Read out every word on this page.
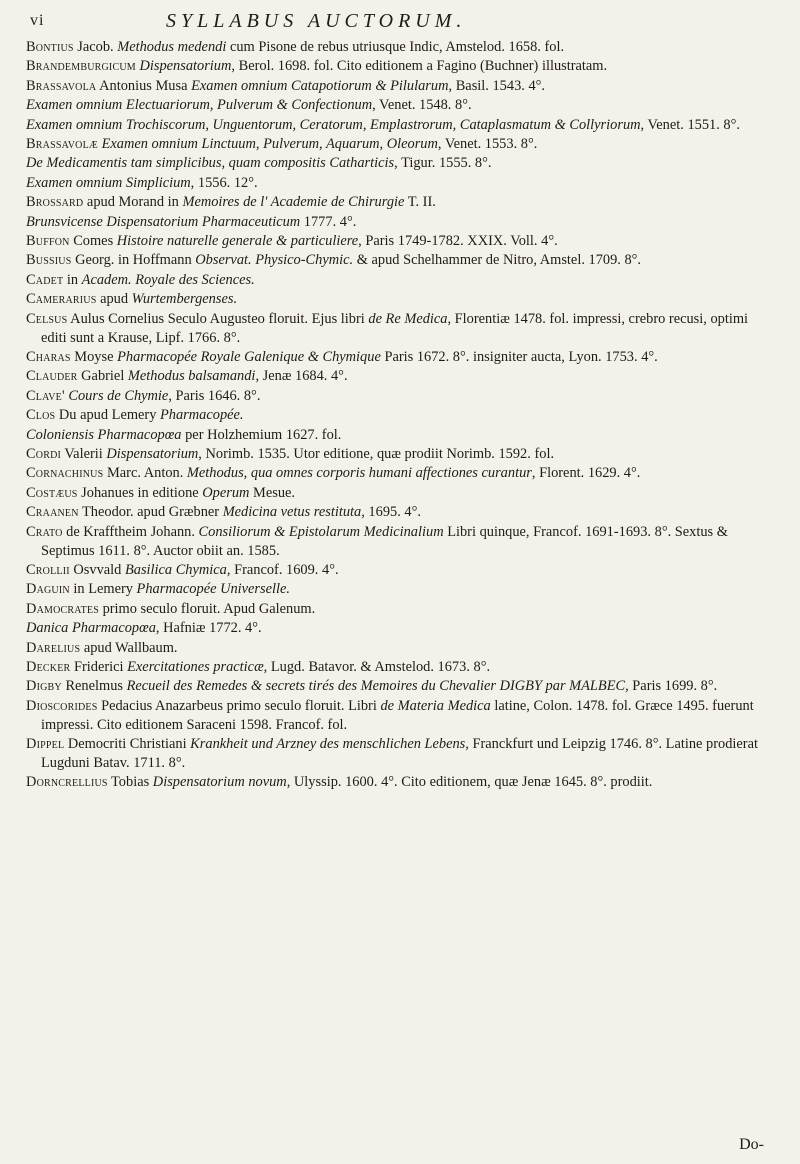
vi	SYLLABUS AUCTORUM.
Bontius Jacob. Methodus medendi cum Pisone de rebus utriusque Indic, Amstelod. 1658. fol.
Brandemburgicum Dispensatorium, Berol. 1698. fol. Cito editionem a Fagino (Buchner) illustratam.
Brassavola Antonius Musa Examen omnium Catapotiorum & Pilularum, Basil. 1543. 4°.
Examen omnium Electuariorum, Pulverum & Confectionum, Venet. 1548. 8°.
Examen omnium Trochiscorum, Unguentorum, Ceratorum, Emplastrorum, Cataplasmatum & Collyriorum, Venet. 1551. 8°.
Brassavolæ Examen omnium Linctuum, Pulverum, Aquarum, Oleorum, Venet. 1553. 8°.
De Medicamentis tam simplicibus, quam compositis Catharticis, Tigur. 1555. 8°.
Examen omnium Simplicium, 1556. 12°.
Brossard apud Morand in Memoires de l' Academie de Chirurgie T. II.
Brunsvicense Dispensatorium Pharmaceuticum 1777. 4°.
Buffon Comes Histoire naturelle generale & particuliere, Paris 1749-1782. XXIX. Voll. 4°.
Bussius Georg. in Hoffmann Observat. Physico-Chymic. & apud Schelhammer de Nitro, Amstel. 1709. 8°.
Cadet in Academ. Royale des Sciences.
Camerarius apud Wurtembergenses.
Celsus Aulus Cornelius Seculo Augusteo floruit. Ejus libri de Re Medica, Florentiæ 1478. fol. impressi, crebro recusi, optimi editi sunt a Krause, Lipf. 1766. 8°.
Charas Moyse Pharmacopée Royale Galenique & Chymique Paris 1672. 8°. insigniter aucta, Lyon. 1753. 4°.
Clauder Gabriel Methodus balsamandi, Jenæ 1684. 4°.
Clave' Cours de Chymie, Paris 1646. 8°.
Clos Du apud Lemery Pharmacopée.
Coloniensis Pharmacopœa per Holzhemium 1627. fol.
Cordi Valerii Dispensatorium, Norimb. 1535. Utor editione, quæ prodiit Norimb. 1592. fol.
Cornachinus Marc. Anton. Methodus, qua omnes corporis humani affectiones curantur, Florent. 1629. 4°.
Costæus Johanues in editione Operum Mesue.
Craanen Theodor. apud Græbner Medicina vetus restituta, 1695. 4°.
Crato de Krafftheim Johann. Consiliorum & Epistolarum Medicinalium Libri quinque, Francof. 1691-1693. 8°. Sextus & Septimus 1611. 8°. Auctor obiit an. 1585.
Crollii Osvvald Basilica Chymica, Francof. 1609. 4°.
Daguin in Lemery Pharmacopée Universelle.
Damocrates primo seculo floruit. Apud Galenum.
Danica Pharmacopœa, Hafniæ 1772. 4°.
Darelius apud Wallbaum.
Decker Friderici Exercitationes practicæ, Lugd. Batavor. & Amstelod. 1673. 8°.
Digby Renelmus Recueil des Remedes & secrets tirés des Memoires du Chevalier DIGBY par MALBEC, Paris 1699. 8°.
Dioscorides Pedacius Anazarbeus primo seculo floruit. Libri de Materia Medica latine, Colon. 1478. fol. Græce 1495. fuerunt impressi. Cito editionem Saraceni 1598. Francof. fol.
Dippel Democriti Christiani Krankheit und Arzney des menschlichen Lebens, Franckfurt und Leipzig 1746. 8°. Latine prodierat Lugduni Batav. 1711. 8°.
Dorncrellius Tobias Dispensatorium novum, Ulyssip. 1600. 4°. Cito editionem, quæ Jenæ 1645. 8°. prodiit.
Do-
